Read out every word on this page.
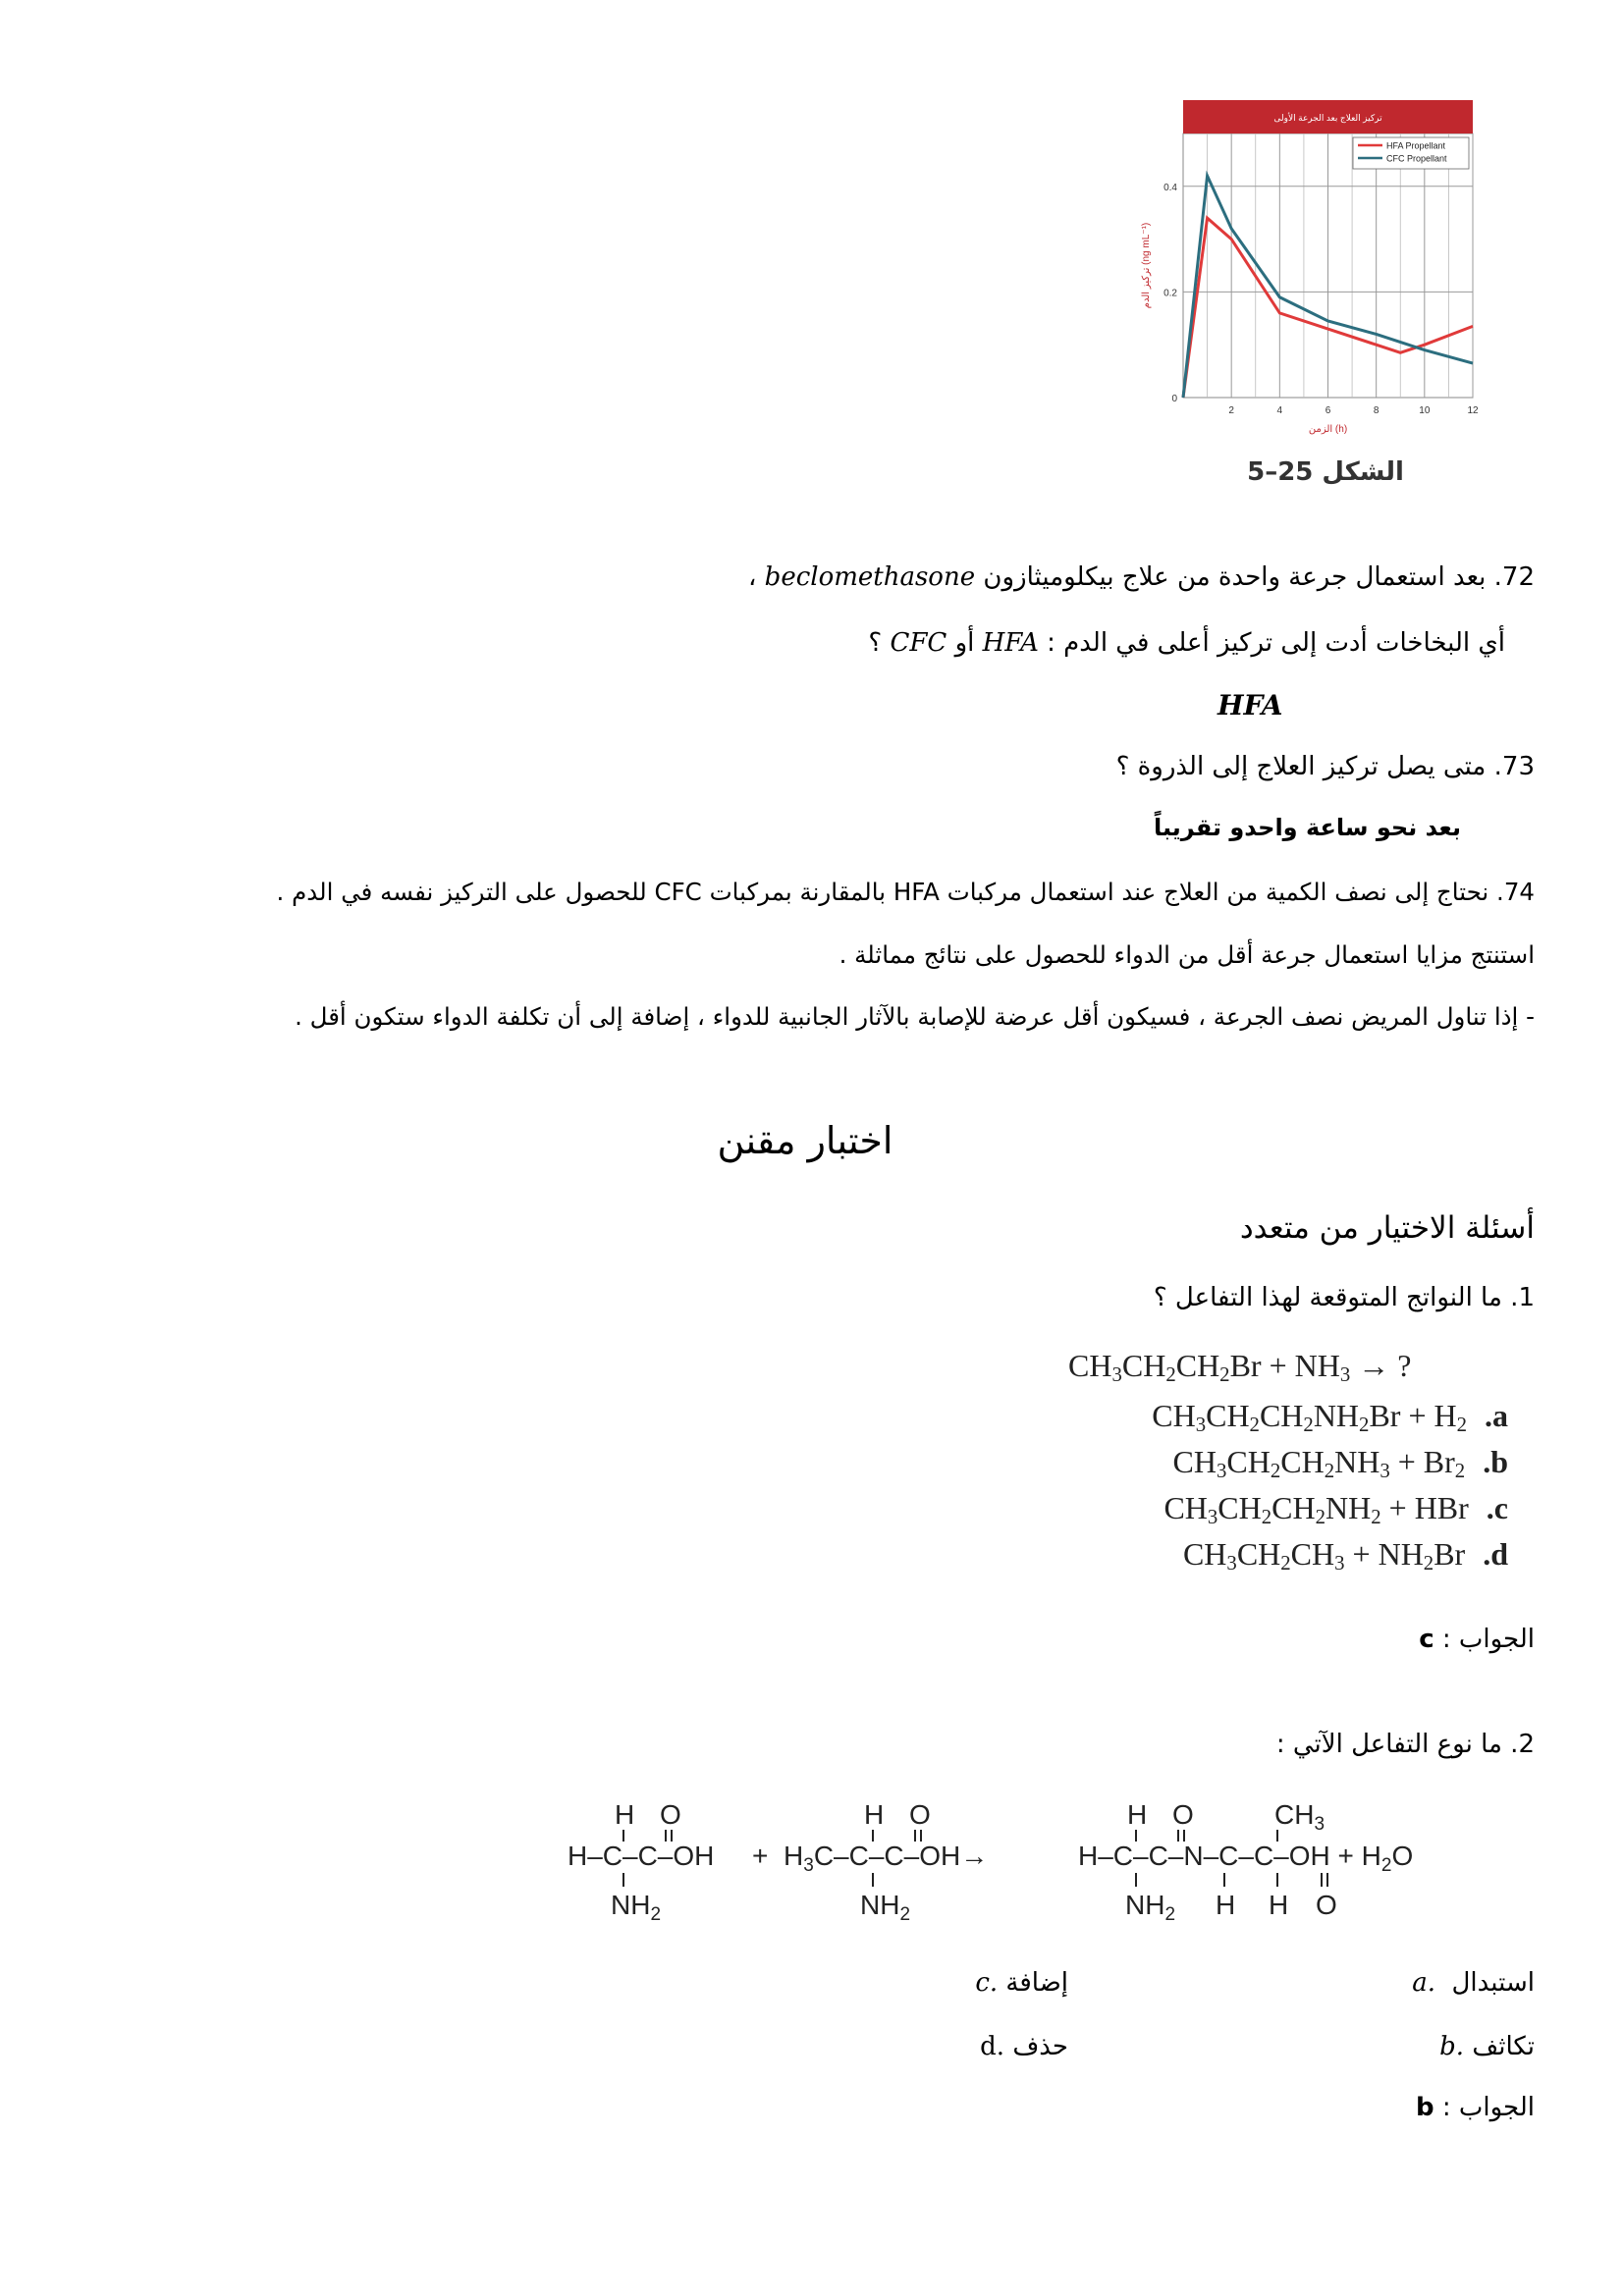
تركيز العلاج بعد الجرعة الأولى
2	4	6	8	10	12
0
0.2
0.4
الزمن (h)
تركيز الدم (ng mL⁻¹)
HFA Propellant
CFC Propellant
الشكل 25–5
72. بعد استعمال جرعة واحدة من علاج بيكلوميثازون beclomethasone ،
أي البخاخات أدت إلى تركيز أعلى في الدم : HFA أو CFC ؟
HFA
73. متى يصل تركيز العلاج إلى الذروة ؟
بعد نحو ساعة واحدو تقريباً
74. نحتاج إلى نصف الكمية من العلاج عند استعمال مركبات HFA بالمقارنة بمركبات CFC للحصول على التركيز نفسه في الدم .
استنتج مزايا استعمال جرعة أقل من الدواء للحصول على نتائج مماثلة .
- إذا تناول المريض نصف الجرعة ، فسيكون أقل عرضة للإصابة بالآثار الجانبية للدواء ، إضافة إلى أن تكلفة الدواء ستكون أقل .
اختبار مقنن
أسئلة الاختيار من متعدد
1. ما النواتج المتوقعة لهذا التفاعل ؟
$CH_3CH_2CH_2Br + NH_3$ → ?
$CH_3CH_2CH_2NH_2Br + H_2$ .a
$CH_3CH_2CH_2NH_3 + Br_2$ .b
$CH_3CH_2CH_2NH_2$ + HBr .c
$CH_3CH_2CH_3 + NH_2Br$ .d
الجواب : c
2. ما نوع التفاعل الآتي :
H O
H–C–C–OH
$NH_2$
+
H O
$H_3C-C-C-OH\to$
$NH_2$
H O	$CH_3$
$H-C-C-N-C-C-OH + H_2O$
$NH_2$ H H O
a. استبدال
c. إضافة
b. تكاثف
d. حذف
الجواب : b
